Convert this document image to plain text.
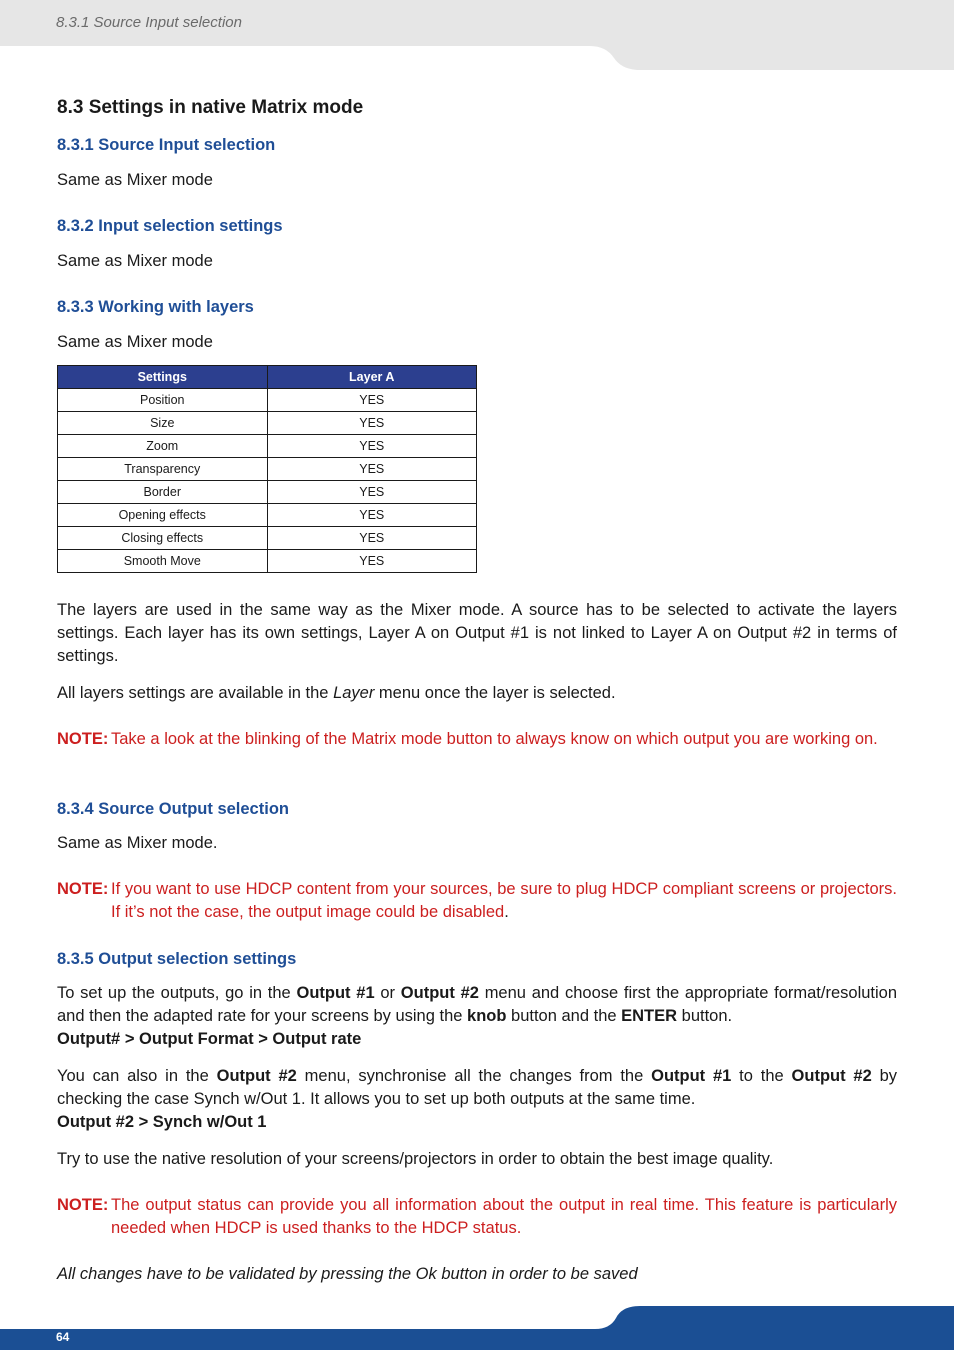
8.3.1 Source Input selection
64
8.3 Settings in native Matrix mode
8.3.1 Source Input selection

Same as Mixer mode

8.3.2 Input selection settings

Same as Mixer mode

8.3.3 Working with layers

Same as Mixer mode

The layers are used in the same way as the Mixer mode. A source has to be selected to activate the layers settings. Each layer has its own settings, Layer A on Output #1 is not linked to Layer A on Output #2 in terms of settings.

All layers settings are available in the Layer menu once the layer is selected.

NOTE: Take a look at the blinking of the Matrix mode button to always know on which output you are working on.
8.3.4 Source Output selection

Same as Mixer mode.

NOTE: If you want to use HDCP content from your sources, be sure to plug HDCP compliant screens or projectors. If it’s not the case, the output image could be disabled.
8.3.5 Output selection settings

To set up the outputs, go in the Output #1 or Output #2 menu and choose first the appropriate format/resolution and then the adapted rate for your screens by using the knob button and the ENTER button.

Output# > Output Format > Output rate

You can also in the Output #2 menu, synchronise all the changes from the Output #1 to the Output #2 by checking the case Synch w/Out 1. It allows you to set up both outputs at the same time.

Output #2 > Synch w/Out 1

Try to use the native resolution of your screens/projectors in order to obtain the best image quality.

NOTE: The output status can provide you all information about the output in real time. This feature is particularly needed when HDCP is used thanks to the HDCP status.

All changes have to be validated by pressing the Ok button in order to be saved

Settings	Layer A
Position	YES
Size	YES
Zoom	YES
Transparency	YES
Border	YES
Opening effects	YES
Closing effects	YES
Smooth Move	YES
